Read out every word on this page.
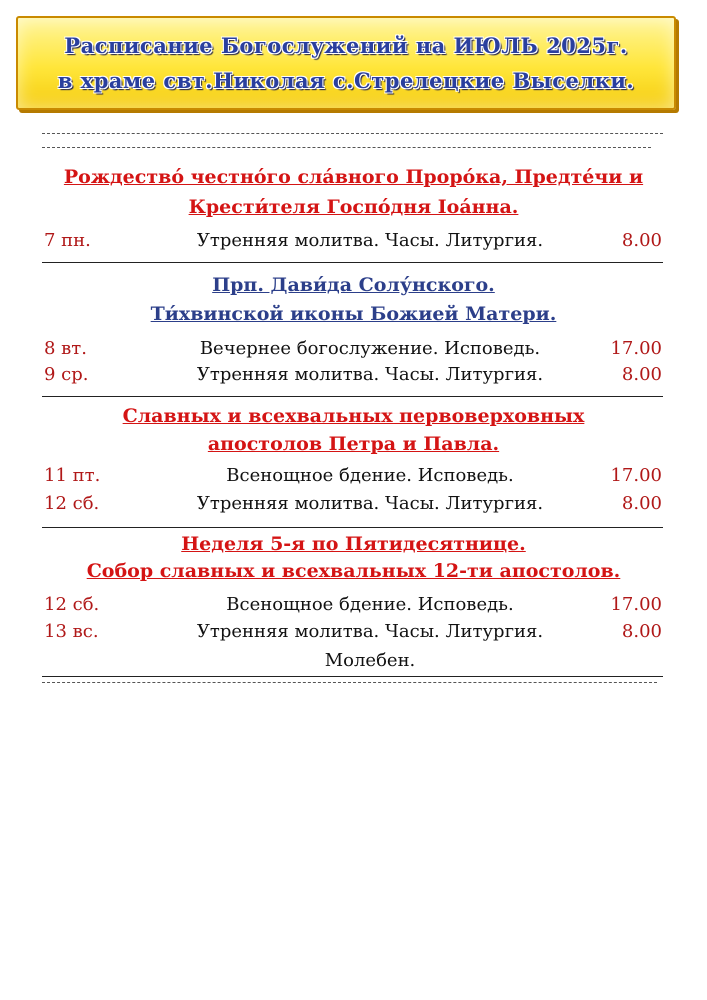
Расписание Богослужений на ИЮЛЬ 2025г.
в храме свт.Николая с.Стрелецкие Выселки.
Рождество́ честно́го сла́вного Проро́ка, Предте́чи и
Крести́теля Госпо́дня Ioа́нна.
7 пн.	Утренняя молитва. Часы. Литургия.	8.00
Прп. Дави́да Солу́нского.
Ти́хвинской иконы Божией Матери.
8 вт.	Вечернее богослужение. Исповедь.	17.00
9 ср.	Утренняя молитва. Часы. Литургия.	8.00
Славных и всехвальных первоверховных
апостолов Петра и Павла.
11 пт.	Всенощное бдение. Исповедь.	17.00
12 сб.	Утренняя молитва. Часы. Литургия.	8.00
Неделя 5-я по Пятидесятнице.
Собор славных и всехвальных 12-ти апостолов.
12 сб.	Всенощное бдение. Исповедь.	17.00
13 вс.	Утренняя молитва. Часы. Литургия.	8.00
Молебен.
